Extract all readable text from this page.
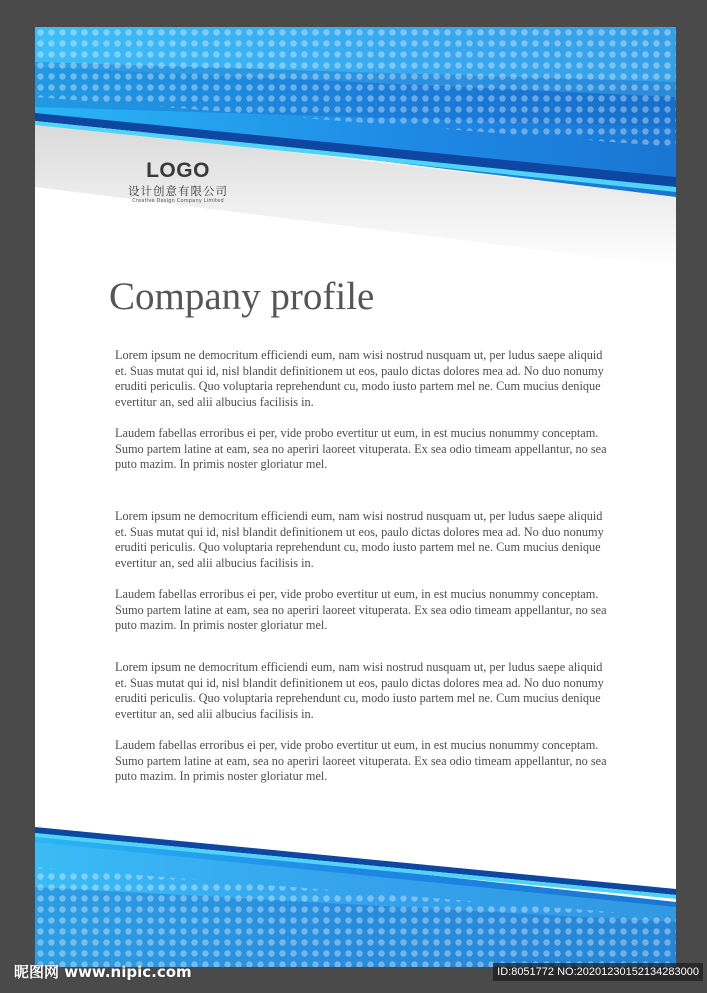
LOGO
设计创意有限公司
Creative Design Company Limited
Company profile

Lorem ipsum ne democritum efficiendi eum, nam wisi nostrud nusquam ut, per ludus saepe aliquid et. Suas mutat qui id, nisl blandit definitionem ut eos, paulo dictas dolores mea ad. No duo nonumy eruditi periculis. Quo voluptaria reprehendunt cu, modo iusto partem mel ne. Cum mucius denique evertitur an, sed alii albucius facilisis in.

Laudem fabellas erroribus ei per, vide probo evertitur ut eum, in est mucius nonummy conceptam. Sumo partem latine at eam, sea no aperiri laoreet vituperata. Ex sea odio timeam appellantur, no sea puto mazim. In primis noster gloriatur mel.

Lorem ipsum ne democritum efficiendi eum, nam wisi nostrud nusquam ut, per ludus saepe aliquid et. Suas mutat qui id, nisl blandit definitionem ut eos, paulo dictas dolores mea ad. No duo nonumy eruditi periculis. Quo voluptaria reprehendunt cu, modo iusto partem mel ne. Cum mucius denique evertitur an, sed alii albucius facilisis in.

Laudem fabellas erroribus ei per, vide probo evertitur ut eum, in est mucius nonummy conceptam. Sumo partem latine at eam, sea no aperiri laoreet vituperata. Ex sea odio timeam appellantur, no sea puto mazim. In primis noster gloriatur mel.

Lorem ipsum ne democritum efficiendi eum, nam wisi nostrud nusquam ut, per ludus saepe aliquid et. Suas mutat qui id, nisl blandit definitionem ut eos, paulo dictas dolores mea ad. No duo nonumy eruditi periculis. Quo voluptaria reprehendunt cu, modo iusto partem mel ne. Cum mucius denique evertitur an, sed alii albucius facilisis in.

Laudem fabellas erroribus ei per, vide probo evertitur ut eum, in est mucius nonummy conceptam. Sumo partem latine at eam, sea no aperiri laoreet vituperata. Ex sea odio timeam appellantur, no sea puto mazim. In primis noster gloriatur mel.

昵图网 www.nipic.com	ID:8051772 NO:20201230152134283000
